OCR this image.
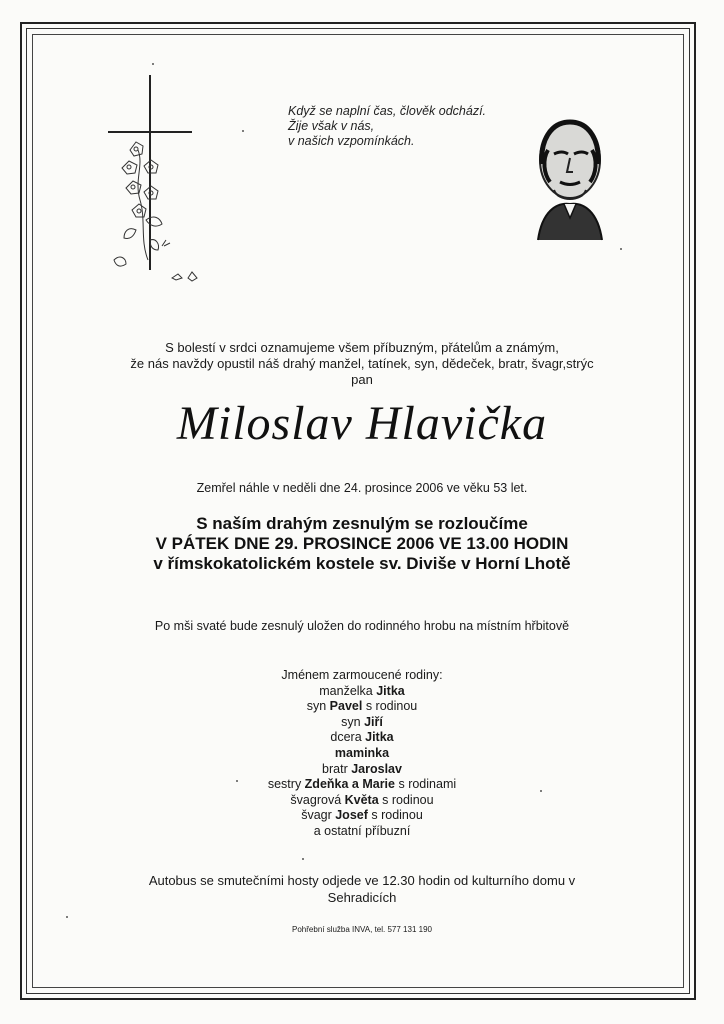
Když se naplní čas, člověk odchází.
Žije však v nás,
v našich vzpomínkách.
S bolestí v srdci oznamujeme všem příbuzným, přátelům a známým,
že nás navždy opustil náš drahý manžel, tatínek, syn, dědeček, bratr, švagr,strýc
pan
Miloslav Hlavička
Zemřel náhle v neděli dne 24. prosince 2006 ve věku 53 let.
S naším drahým zesnulým se rozloučíme
V PÁTEK DNE 29. PROSINCE 2006 VE 13.00 HODIN
v římskokatolickém kostele sv. Diviše v Horní Lhotě
Po mši svaté bude zesnulý uložen do rodinného hrobu na místním hřbitově
Jménem zarmoucené rodiny:
manželka Jitka
syn Pavel s rodinou
syn Jiří
dcera Jitka
maminka
bratr Jaroslav
sestry Zdeňka a Marie s rodinami
švagrová Květa s rodinou
švagr Josef s rodinou
a ostatní příbuzní
Autobus se smutečními hosty odjede ve 12.30 hodin od kulturního domu v Sehradicích
Pohřební služba INVA, tel. 577 131 190
